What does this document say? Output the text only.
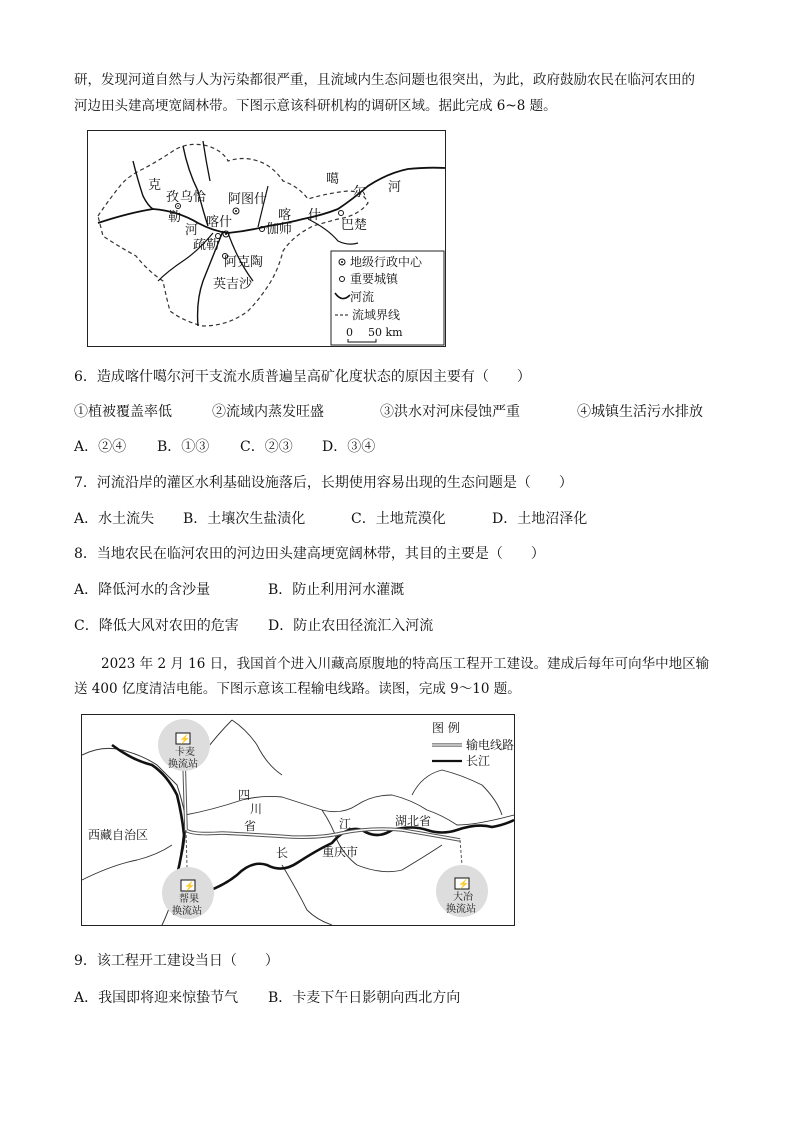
研，发现河道自然与人为污染都很严重，且流域内生态问题也很突出，为此，政府鼓励农民在临河农田的
河边田头建高埂宽阔林带。下图示意该科研机构的调研区域。据此完成 6~8 题。
克
孜 乌恰 阿图什
勒
河
喀什	喀 什
噶
尔 河
伽师	巴楚
疏勒
阿克陶
英吉沙
地级行政中心
重要城镇
河流
流域界线
0 50 km
6．造成喀什噶尔河干支流水质普遍呈高矿化度状态的原因主要有（　　）
①植被覆盖率低	②流域内蒸发旺盛	③洪水对河床侵蚀严重	④城镇生活污水排放
A．②④ B．①③ C．②③ D．③④
7．河流沿岸的灌区水利基础设施落后，长期使用容易出现的生态问题是（　　）
A．水土流失 B．土壤次生盐渍化	C．土地荒漠化	D．土地沼泽化
8．当地农民在临河农田的河边田头建高埂宽阔林带，其目的主要是（　　）
A．降低河水的含沙量	B．防止利用河水灌溉
C．降低大风对农田的危害 D．防止农田径流汇入河流
2023 年 2 月 16 日，我国首个进入川藏高原腹地的特高压工程开工建设。建成后每年可向华中地区输
送 400 亿度清洁电能。下图示意该工程输电线路。读图，完成 9～10 题。
⚡
卡麦
换流站
⚡
帮果
换流站
⚡
大冶
换流站
西藏自治区
四
川
省	湖北省
重庆市
江
长
图 例
输电线路
长江
9．该工程开工建设当日（　　）
A．我国即将迎来惊蛰节气 B．卡麦下午日影朝向西北方向
